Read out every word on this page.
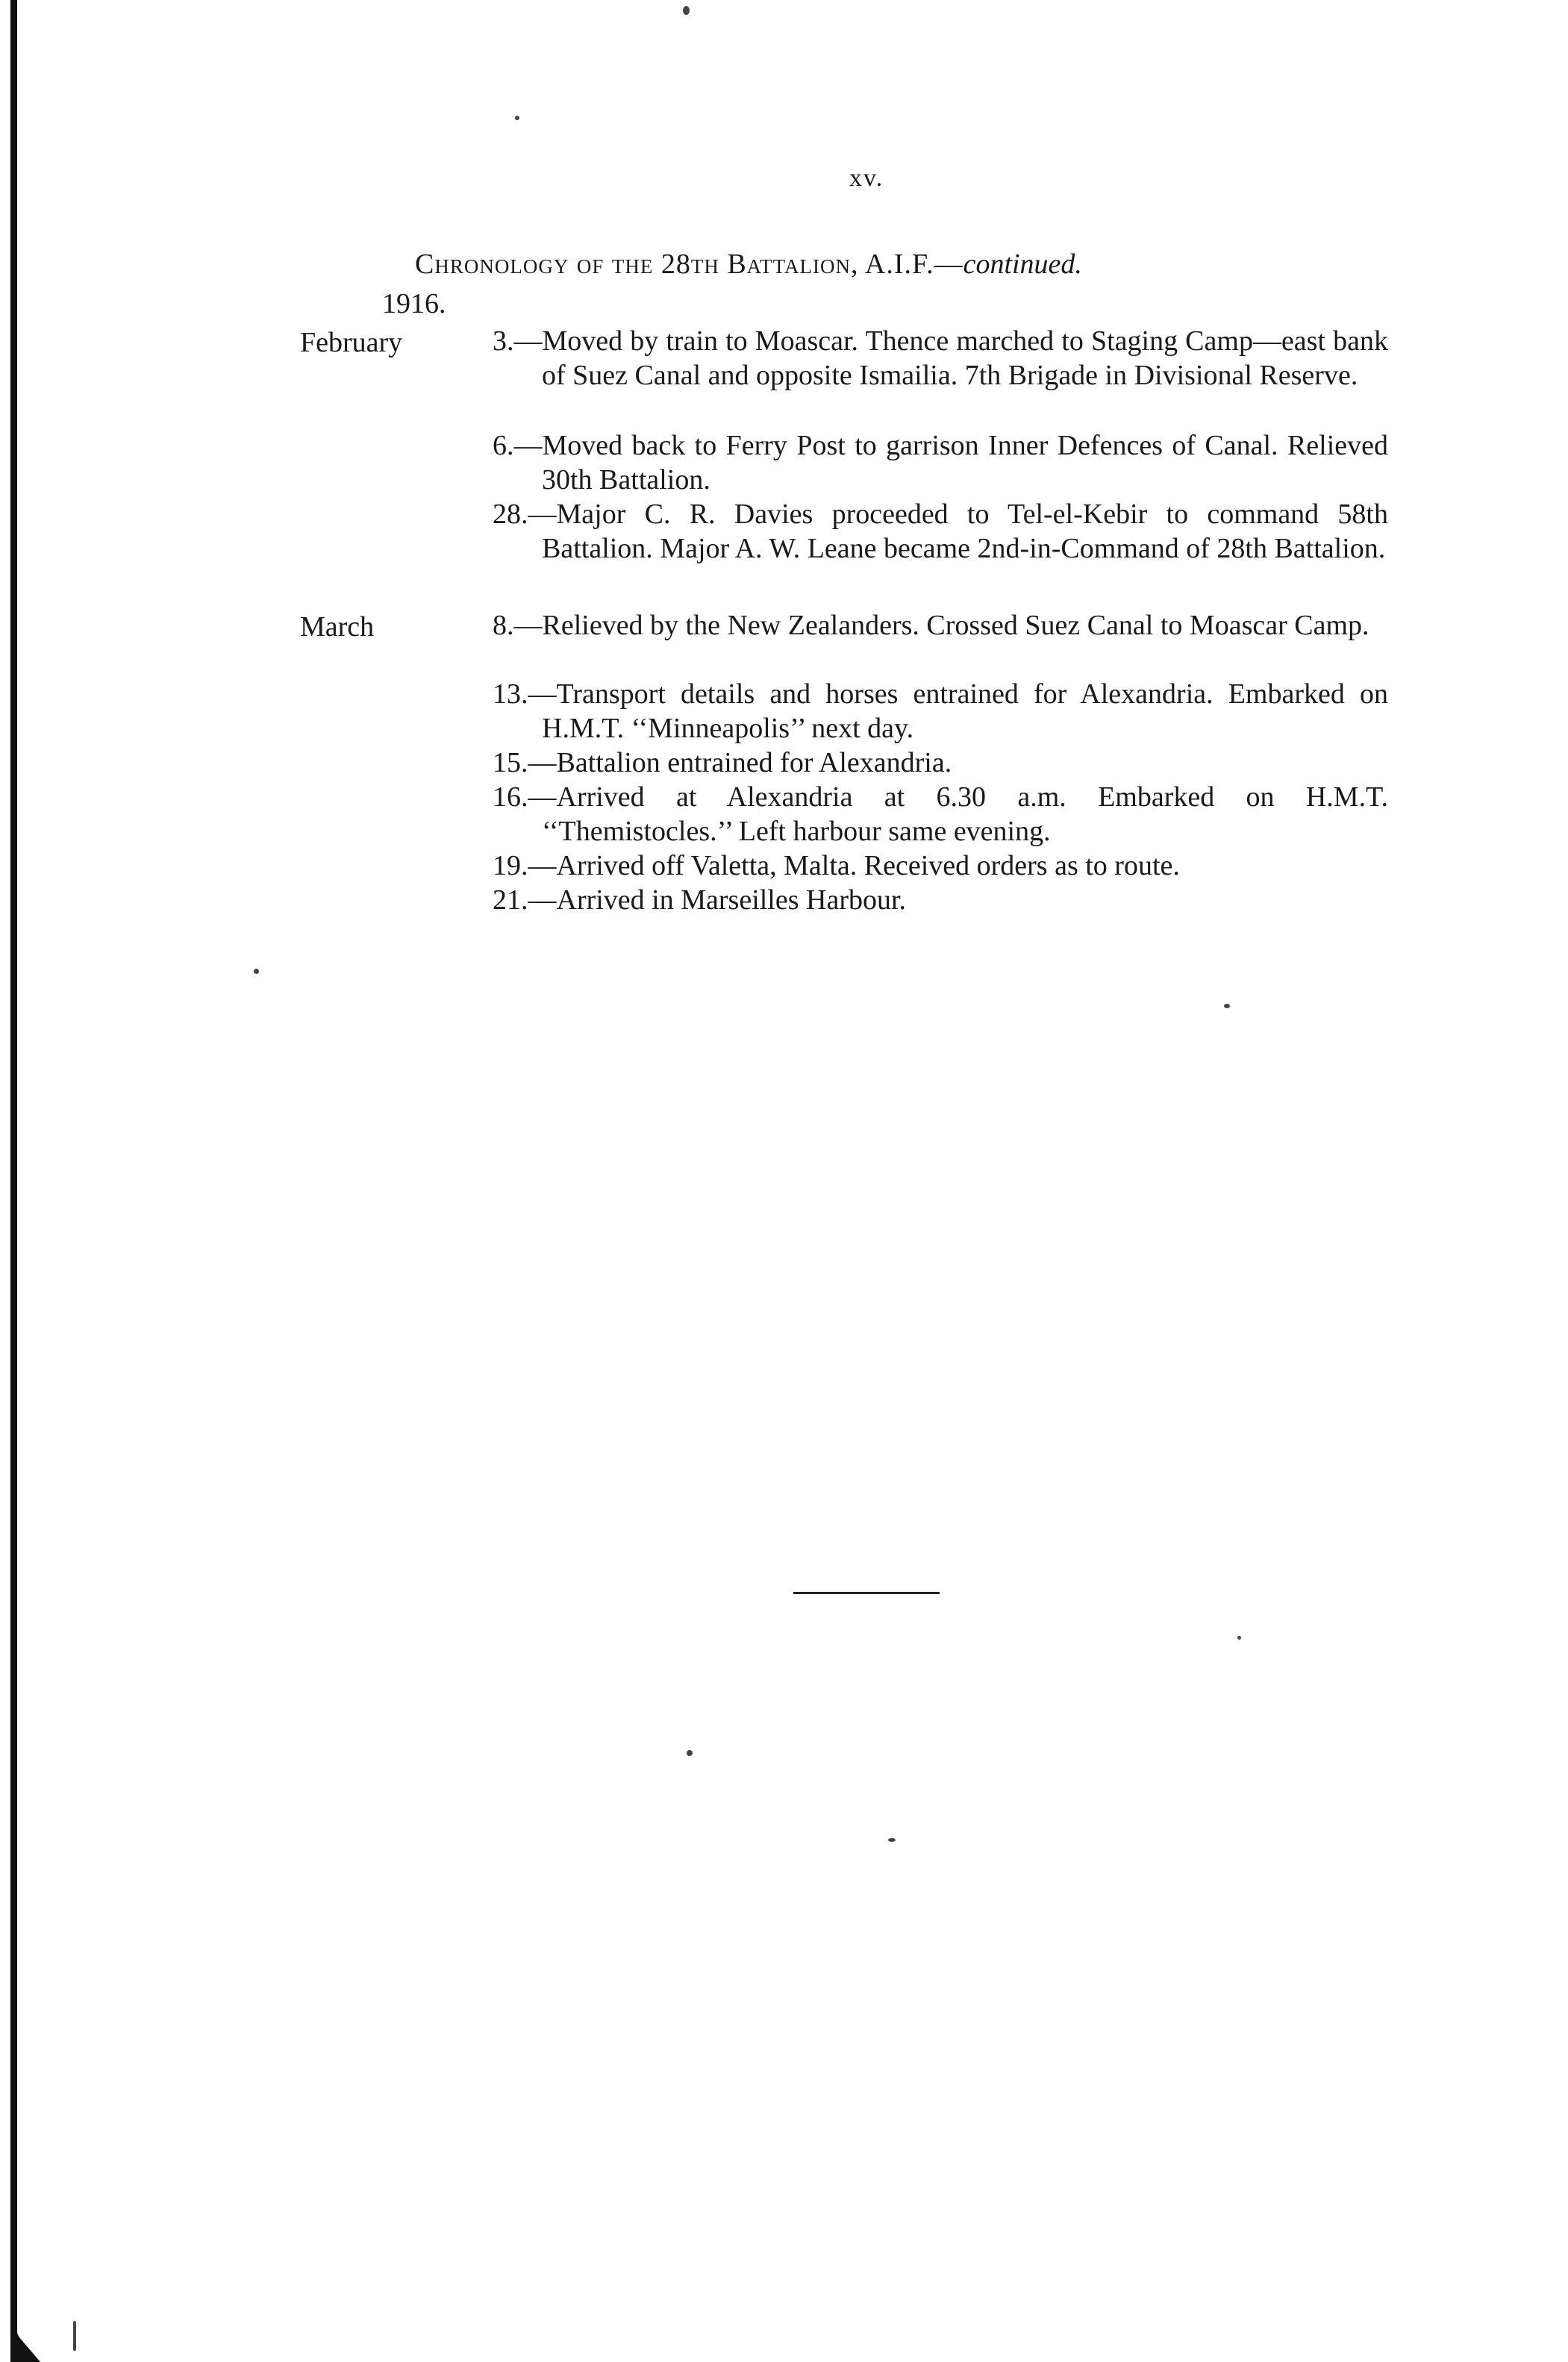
xv.
Chronology of the 28th Battalion, A.I.F.—continued.
1916.
February	3.—Moved by train to Moascar. Thence marched to Staging Camp—east bank of Suez Canal and opposite Ismailia. 7th Brigade in Divisional Reserve.
6.—Moved back to Ferry Post to garrison Inner Defences of Canal. Relieved 30th Battalion.
28.—Major C. R. Davies proceeded to Tel-el-Kebir to command 58th Battalion. Major A. W. Leane became 2nd-in-Command of 28th Battalion.
March	8.—Relieved by the New Zealanders. Crossed Suez Canal to Moascar Camp.
13.—Transport details and horses entrained for Alexandria. Embarked on H.M.T. ‘‘Minneapolis’’ next day.
15.—Battalion entrained for Alexandria.
16.—Arrived at Alexandria at 6.30 a.m. Embarked on H.M.T. ‘‘Themistocles.’’ Left harbour same evening.
19.—Arrived off Valetta, Malta. Received orders as to route.
21.—Arrived in Marseilles Harbour.
